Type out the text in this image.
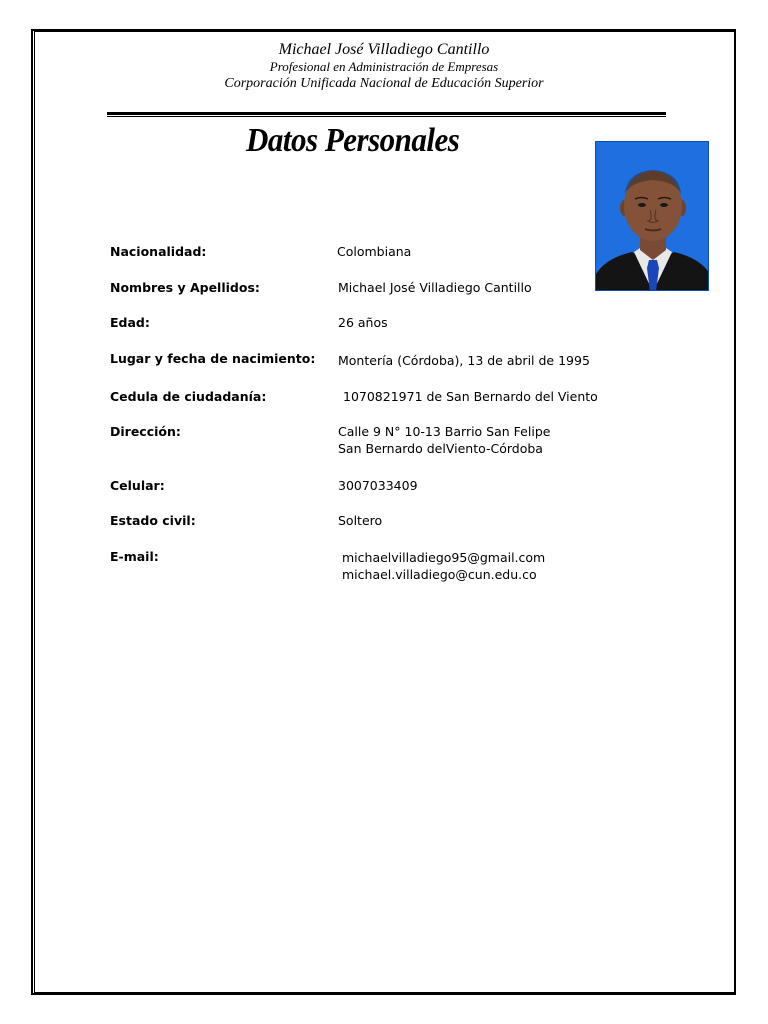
Michael José Villadiego Cantillo
Profesional en Administración de Empresas
Corporación Unificada Nacional de Educación Superior
Datos Personales
Nacionalidad:	Colombiana
Nombres y Apellidos:	Michael José Villadiego Cantillo
Edad:	26 años
Lugar y fecha de nacimiento: Montería (Córdoba), 13 de abril de 1995
Cedula de ciudadanía:	1070821971 de San Bernardo del Viento
Dirección:	Calle 9 N° 10-13 Barrio San Felipe
San Bernardo delViento-Córdoba
Celular:	3007033409
Estado civil:	Soltero
E-mail:	michaelvilladiego95@gmail.com
michael.villadiego@cun.edu.co
